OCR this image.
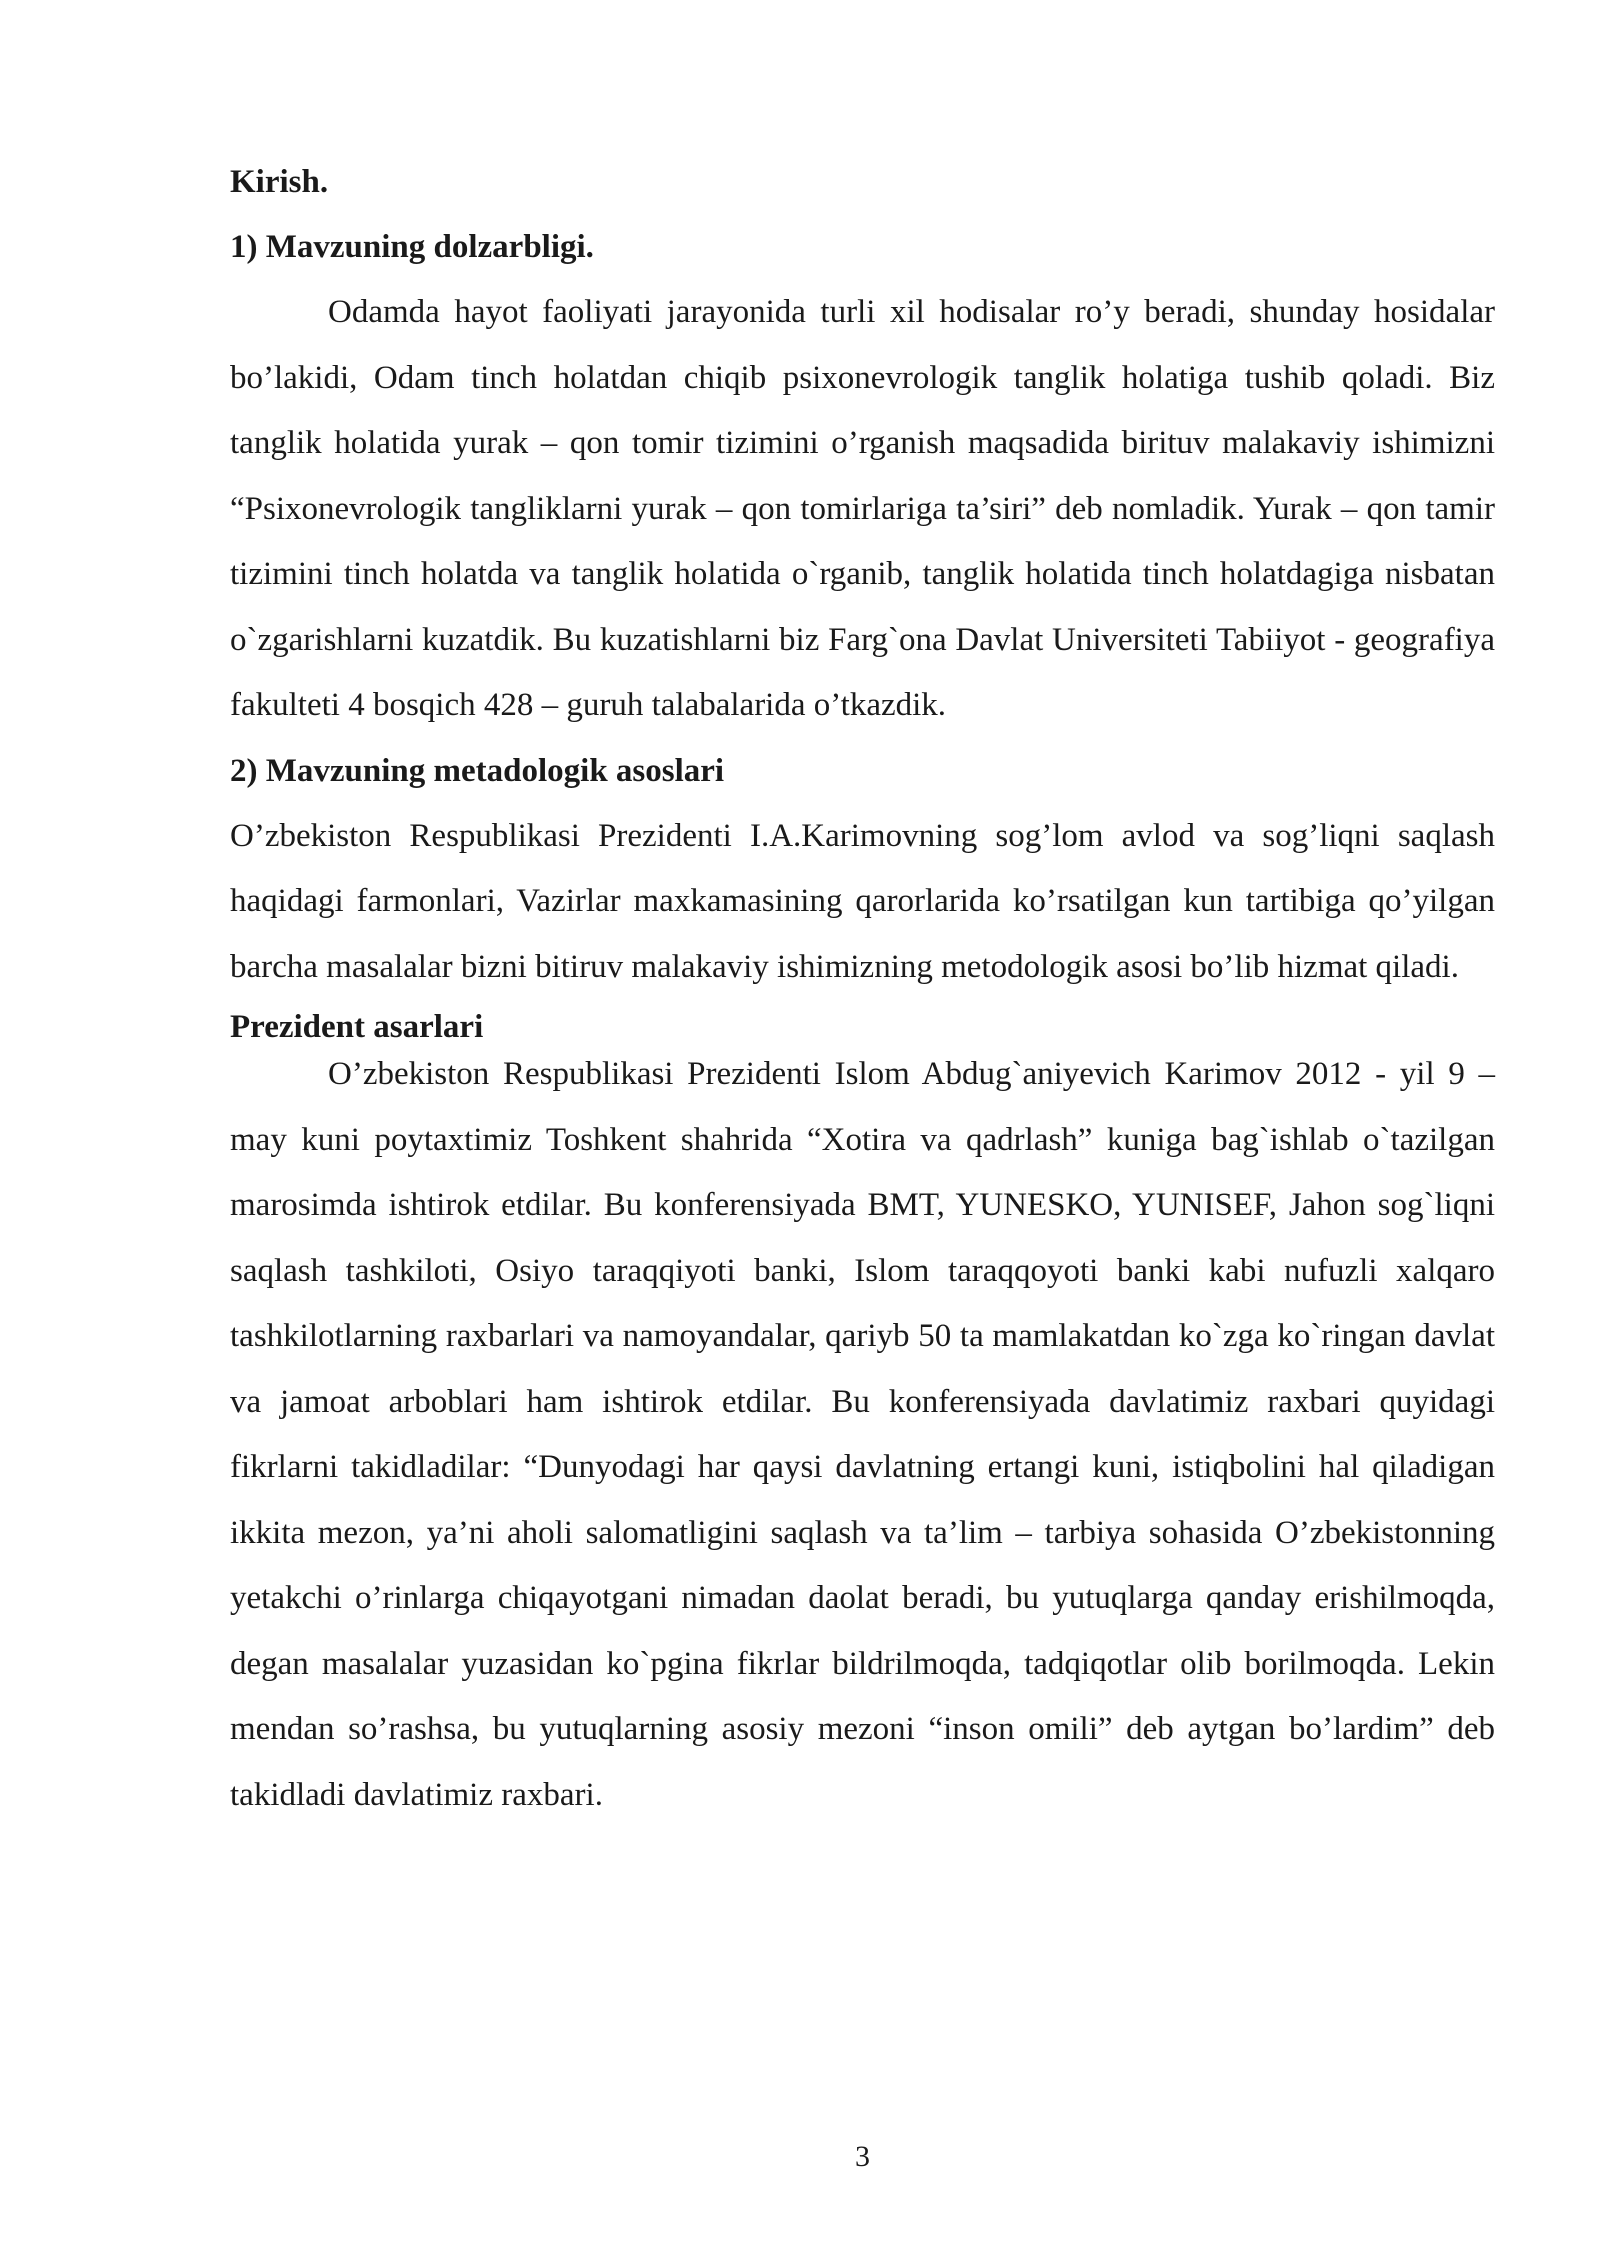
Kirish.

1) Mavzuning dolzarbligi.

Odamda hayot faoliyati jarayonida turli xil hodisalar ro’y beradi, shunday hosidalar bo’lakidi, Odam tinch holatdan chiqib psixonevrologik tanglik holatiga tushib qoladi. Biz tanglik holatida yurak – qon tomir tizimini o’rganish maqsadida birituv malakaviy ishimizni “Psixonevrologik tangliklarni yurak – qon tomirlariga ta’siri” deb nomladik. Yurak – qon tamir tizimini tinch holatda va tanglik holatida o`rganib, tanglik holatida tinch holatdagiga nisbatan o`zgarishlarni kuzatdik. Bu kuzatishlarni biz Farg`ona Davlat Universiteti Tabiiyot - geografiya fakulteti 4 bosqich 428 – guruh talabalarida o’tkazdik.

2) Mavzuning metadologik asoslari

O’zbekiston Respublikasi Prezidenti I.A.Karimovning sog’lom avlod va sog’liqni saqlash haqidagi farmonlari, Vazirlar maxkamasining qarorlarida ko’rsatilgan kun tartibiga qo’yilgan barcha masalalar bizni bitiruv malakaviy ishimizning metodologik asosi bo’lib hizmat qiladi.

Prezident asarlari

O’zbekiston Respublikasi Prezidenti Islom Abdug`aniyevich Karimov 2012 - yil 9 – may kuni poytaxtimiz Toshkent shahrida “Xotira va qadrlash” kuniga bag`ishlab o`tazilgan marosimda ishtirok etdilar. Bu konferensiyada BMT, YUNESKO, YUNISEF, Jahon sog`liqni saqlash tashkiloti, Osiyo taraqqiyoti banki, Islom taraqqoyoti banki kabi nufuzli xalqaro tashkilotlarning raxbarlari va namoyandalar, qariyb 50 ta mamlakatdan ko`zga ko`ringan davlat va jamoat arboblari ham ishtirok etdilar. Bu konferensiyada davlatimiz raxbari quyidagi fikrlarni takidladilar: “Dunyodagi har qaysi davlatning ertangi kuni, istiqbolini hal qiladigan ikkita mezon, ya’ni aholi salomatligini saqlash va ta’lim – tarbiya sohasida O’zbekistonning yetakchi o’rinlarga chiqayotgani nimadan daolat beradi, bu yutuqlarga qanday erishilmoqda, degan masalalar yuzasidan ko`pgina fikrlar bildrilmoqda, tadqiqotlar olib borilmoqda. Lekin mendan so’rashsa, bu yutuqlarning asosiy mezoni “inson omili” deb aytgan bo’lardim” deb takidladi davlatimiz raxbari.

3
